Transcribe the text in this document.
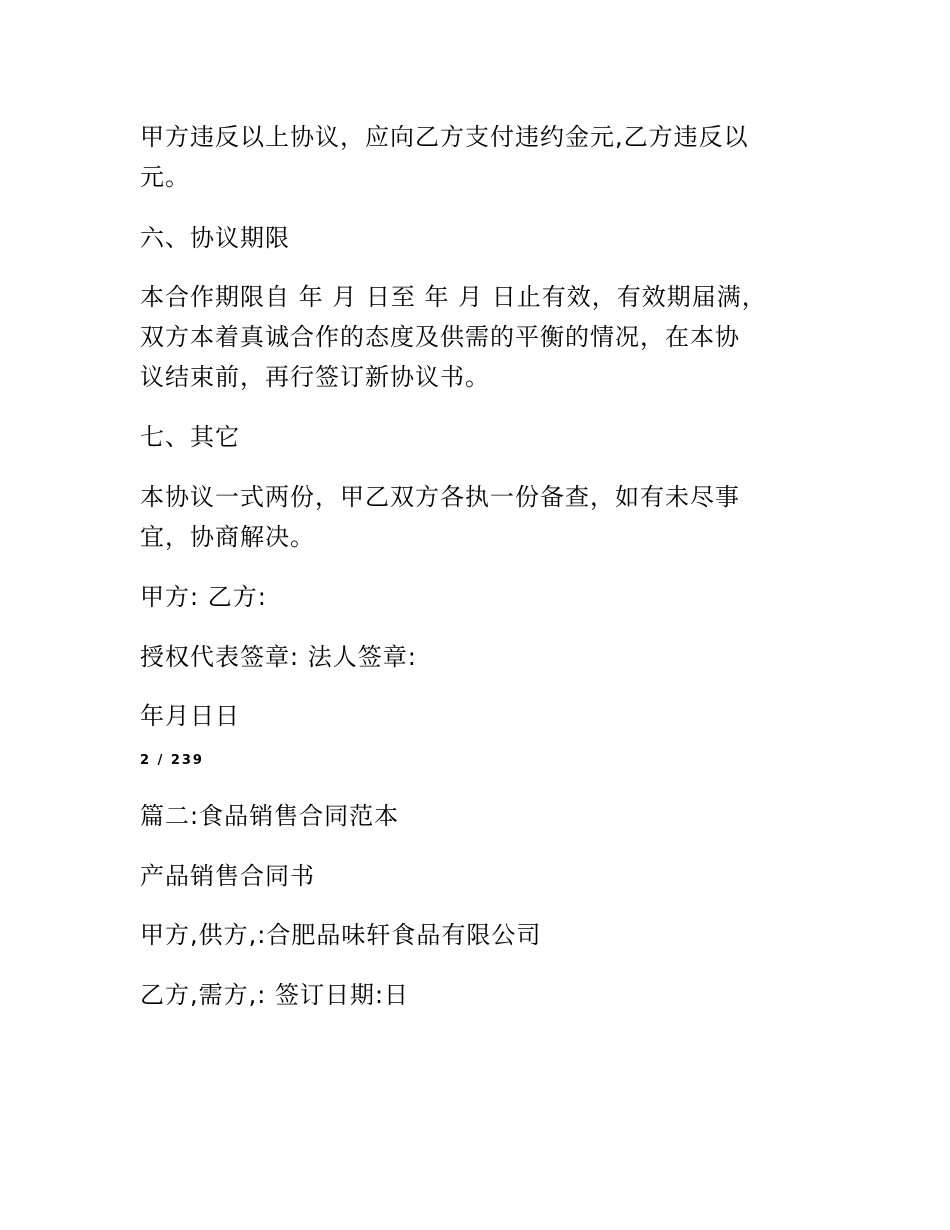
甲方违反以上协议，应向乙方支付违约金元,乙方违反以
元。
六、协议期限
本合作期限自 年 月 日至 年 月 日止有效，有效期届满，
双方本着真诚合作的态度及供需的平衡的情况，在本协
议结束前，再行签订新协议书。
七、其它
本协议一式两份，甲乙双方各执一份备查，如有未尽事
宜，协商解决。
甲方: 乙方:
授权代表签章: 法人签章:
年月日日
2 / 239
篇二:食品销售合同范本
产品销售合同书
甲方,供方,:合肥品味轩食品有限公司
乙方,需方,: 签订日期:日
